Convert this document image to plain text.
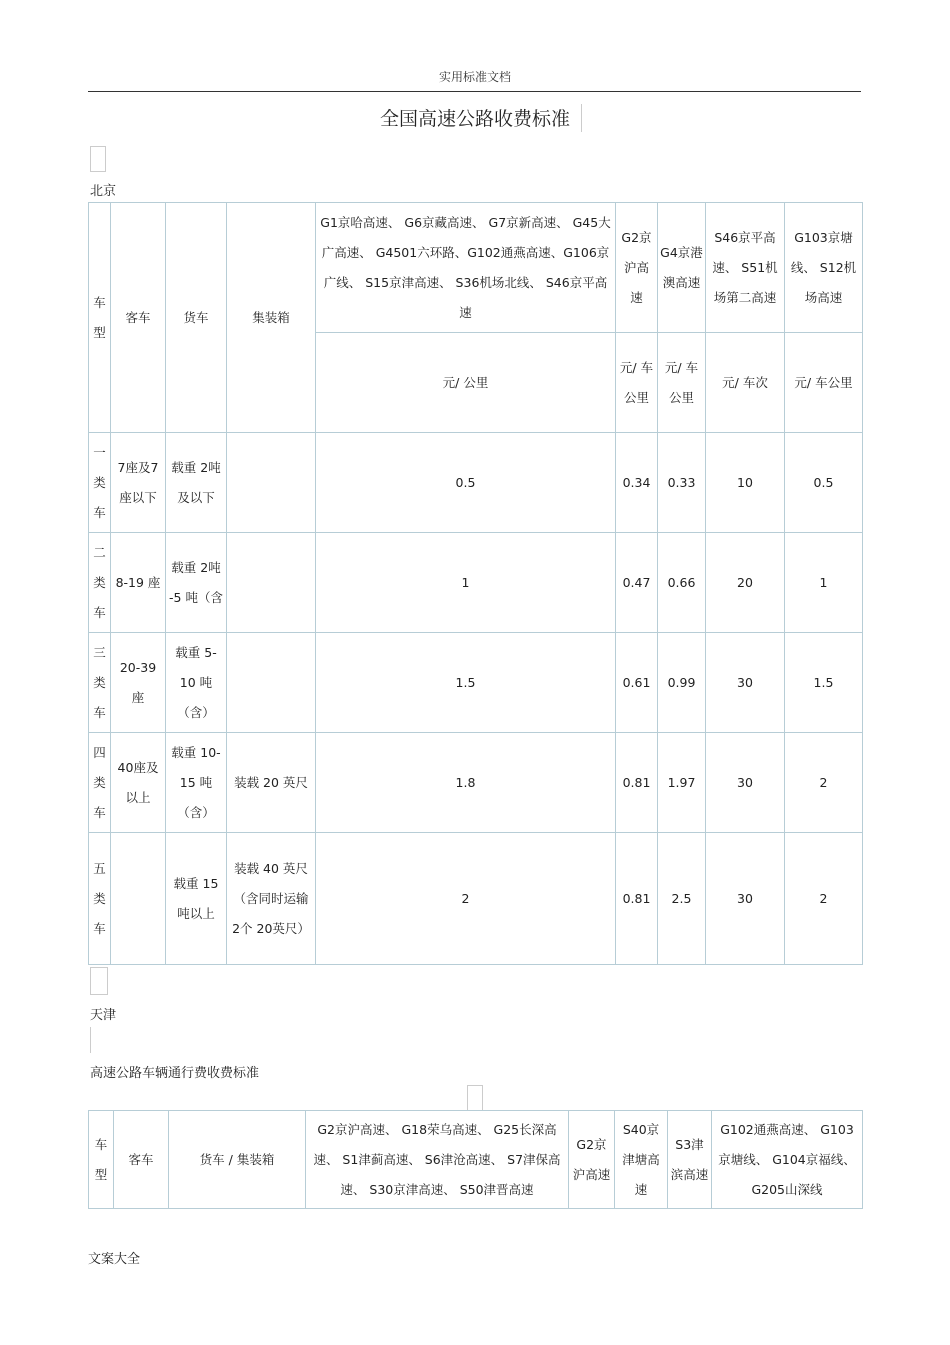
实用标准文档
全国高速公路收费标准
北京
车型	客车	货车	集装箱	G1京哈高速、 G6京藏高速、 G7京新高速、 G45大广高速、 G4501六环路、G102通燕高速、G106京广线、 S15京津高速、 S36机场北线、 S46京平高速	G2京沪高速	G4京港澳高速	S46京平高速、 S51机场第二高速	G103京塘线、 S12机场高速
				元/ 公里	元/ 车公里	元/ 车公里	元/ 车次	元/ 车公里
一类车	7座及7座以下	载重 2吨及以下		0.5	0.34	0.33	10	0.5
二类车	8-19 座	载重 2吨 -5 吨（含		1	0.47	0.66	20	1
三类车	20-39 座	载重 5-10 吨（含）		1.5	0.61	0.99	30	1.5
四类车	40座及以上	载重 10-15 吨（含）	装载 20 英尺	1.8	0.81	1.97	30	2
五类车		载重 15吨以上	装载 40 英尺（含同时运输 2个 20英尺）	2	0.81	2.5	30	2
天津
高速公路车辆通行费收费标准
车型	客车	货车 / 集装箱	G2京沪高速、 G18荣乌高速、 G25长深高速、 S1津蓟高速、 S6津沧高速、 S7津保高速、 S30京津高速、 S50津晋高速	G2京沪高速	S40京津塘高速	S3津滨高速	G102通燕高速、 G103京塘线、 G104京福线、 G205山深线
文案大全
